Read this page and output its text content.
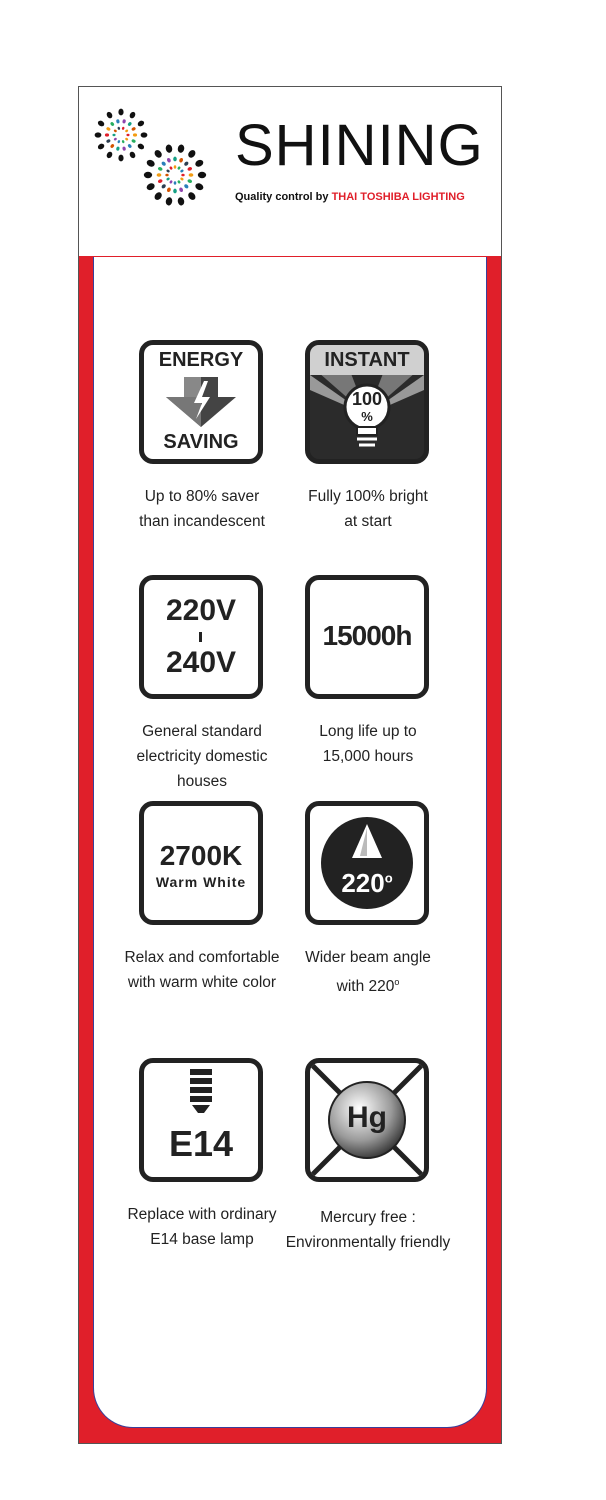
SHINING
Quality control by THAI TOSHIBA LIGHTING
ENERGY
SAVING
Up to 80% saver
than incandescent
INSTANT
100
%
Fully 100% bright
at start
220V
240V
General standard
electricity domestic
houses
15000h
Long life up to
15,000 hours
2700K
Warm White
Relax and comfortable
with warm white color
220$^o$
Wider beam angle
with 220$^o$
E14
Replace with ordinary
E14 base lamp
Hg
Mercury free :
Environmentally friendly
